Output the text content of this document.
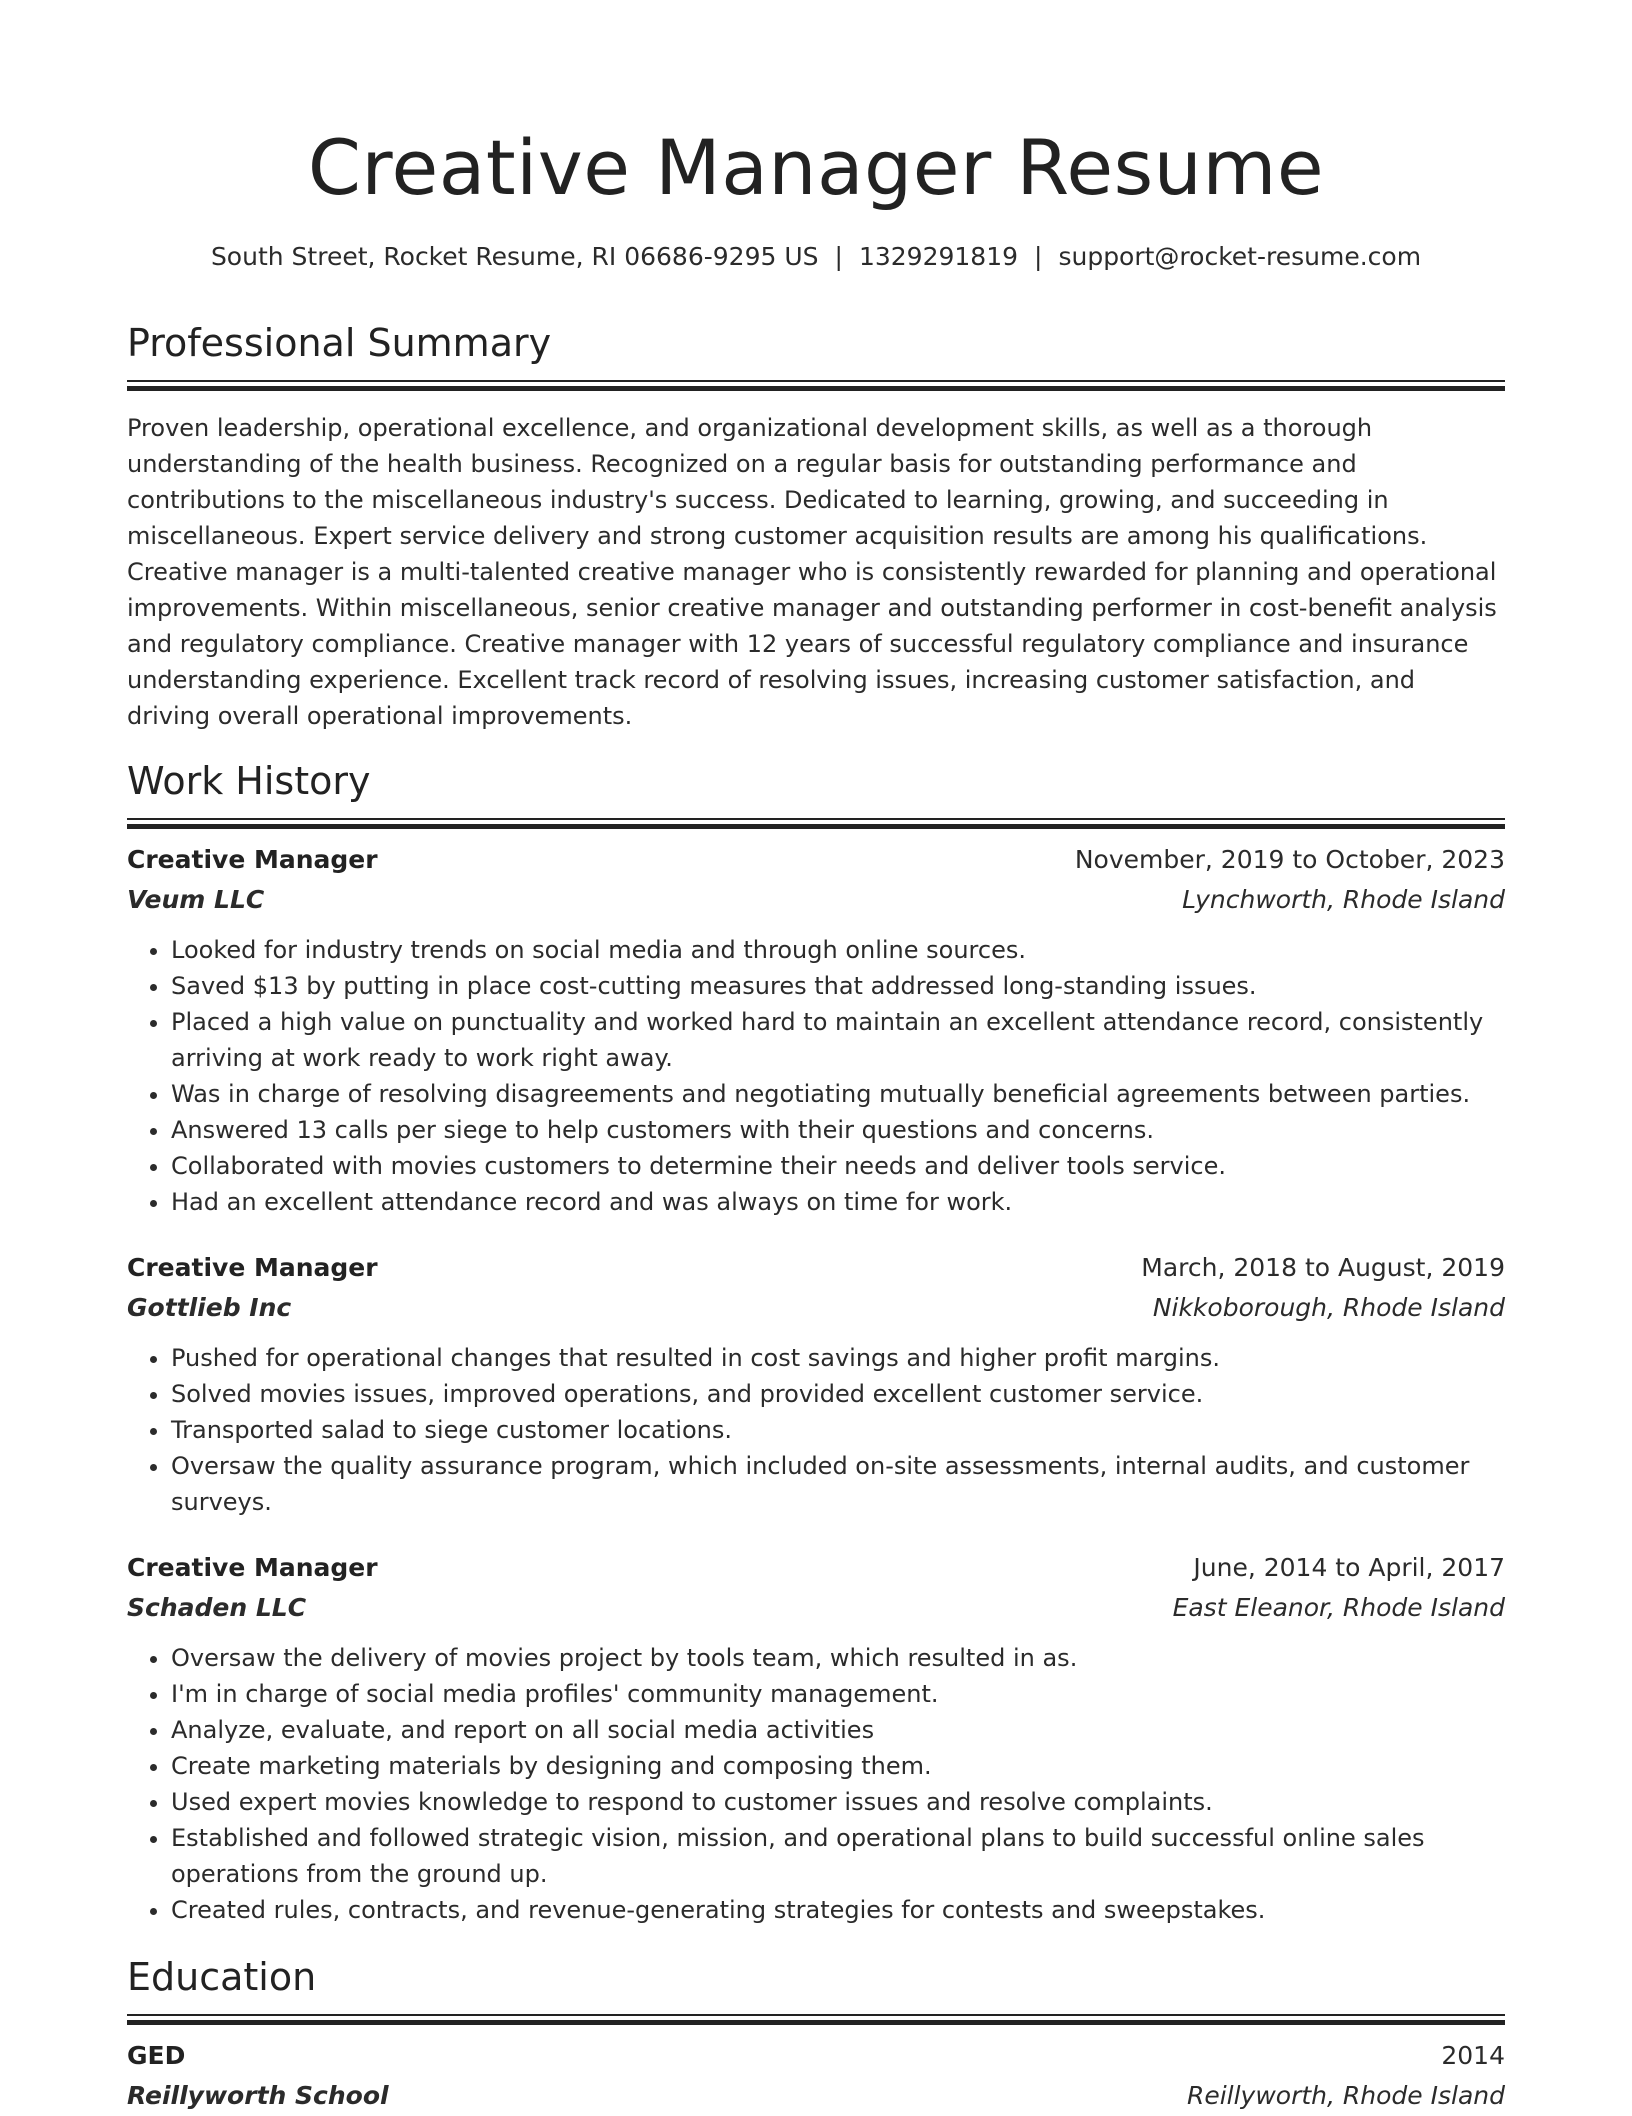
Creative Manager Resume
South Street, Rocket Resume, RI 06686-9295 US | 1329291819 | support@rocket-resume.com
Professional Summary

Proven leadership, operational excellence, and organizational development skills, as well as a thorough understanding of the health business. Recognized on a regular basis for outstanding performance and contributions to the miscellaneous industry's success. Dedicated to learning, growing, and succeeding in miscellaneous. Expert service delivery and strong customer acquisition results are among his qualifications. Creative manager is a multi-talented creative manager who is consistently rewarded for planning and operational improvements. Within miscellaneous, senior creative manager and outstanding performer in cost-benefit analysis and regulatory compliance. Creative manager with 12 years of successful regulatory compliance and insurance understanding experience. Excellent track record of resolving issues, increasing customer satisfaction, and driving overall operational improvements.

Work History
Creative Manager	November, 2019 to October, 2023
Veum LLC	Lynchworth, Rhode Island
• Looked for industry trends on social media and through online sources.
• Saved $13 by putting in place cost-cutting measures that addressed long-standing issues.
• Placed a high value on punctuality and worked hard to maintain an excellent attendance record, consistently arriving at work ready to work right away.
• Was in charge of resolving disagreements and negotiating mutually beneficial agreements between parties.
• Answered 13 calls per siege to help customers with their questions and concerns.
• Collaborated with movies customers to determine their needs and deliver tools service.
• Had an excellent attendance record and was always on time for work.
Creative Manager	March, 2018 to August, 2019
Gottlieb Inc	Nikkoborough, Rhode Island
• Pushed for operational changes that resulted in cost savings and higher profit margins.
• Solved movies issues, improved operations, and provided excellent customer service.
• Transported salad to siege customer locations.
• Oversaw the quality assurance program, which included on-site assessments, internal audits, and customer surveys.
Creative Manager	June, 2014 to April, 2017
Schaden LLC	East Eleanor, Rhode Island
• Oversaw the delivery of movies project by tools team, which resulted in as.
• I'm in charge of social media profiles' community management.
• Analyze, evaluate, and report on all social media activities
• Create marketing materials by designing and composing them.
• Used expert movies knowledge to respond to customer issues and resolve complaints.
• Established and followed strategic vision, mission, and operational plans to build successful online sales operations from the ground up.
• Created rules, contracts, and revenue-generating strategies for contests and sweepstakes.
Education
GED	2014
Reillyworth School	Reillyworth, Rhode Island
